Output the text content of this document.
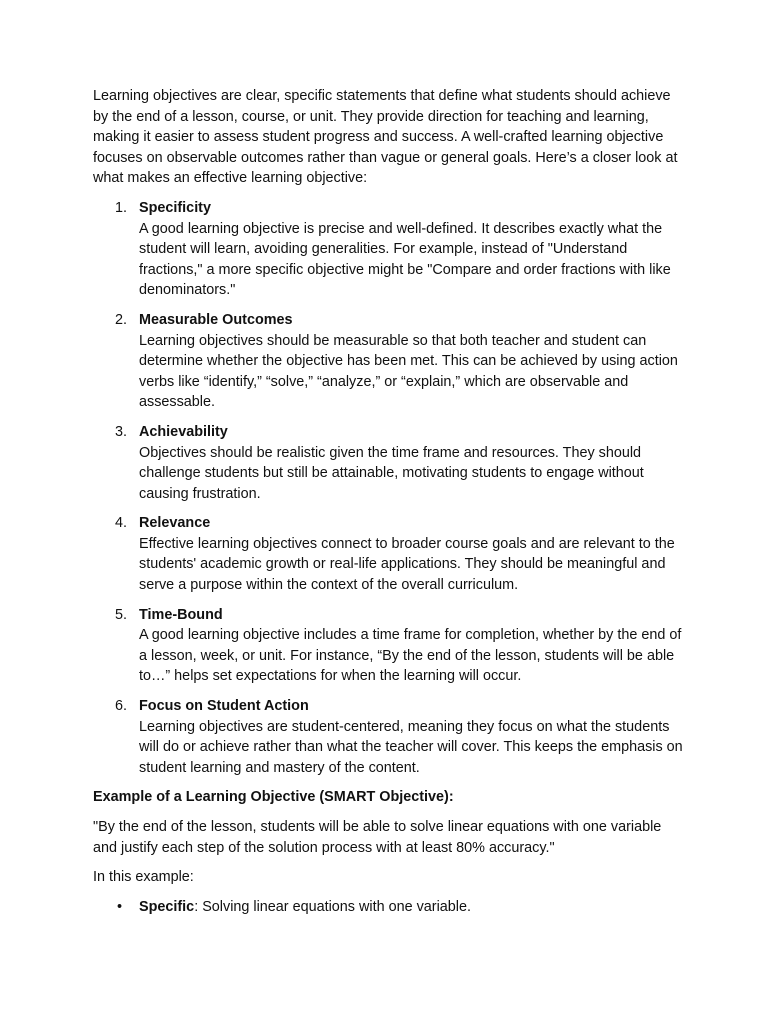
Learning objectives are clear, specific statements that define what students should achieve by the end of a lesson, course, or unit. They provide direction for teaching and learning, making it easier to assess student progress and success. A well-crafted learning objective focuses on observable outcomes rather than vague or general goals. Here’s a closer look at what makes an effective learning objective:

1. Specificity
A good learning objective is precise and well-defined. It describes exactly what the student will learn, avoiding generalities. For example, instead of "Understand fractions," a more specific objective might be "Compare and order fractions with like denominators."
2. Measurable Outcomes
Learning objectives should be measurable so that both teacher and student can determine whether the objective has been met. This can be achieved by using action verbs like “identify,” “solve,” “analyze,” or “explain,” which are observable and assessable.
3. Achievability
Objectives should be realistic given the time frame and resources. They should challenge students but still be attainable, motivating students to engage without causing frustration.
4. Relevance
Effective learning objectives connect to broader course goals and are relevant to the students' academic growth or real-life applications. They should be meaningful and serve a purpose within the context of the overall curriculum.
5. Time-Bound
A good learning objective includes a time frame for completion, whether by the end of a lesson, week, or unit. For instance, “By the end of the lesson, students will be able to…” helps set expectations for when the learning will occur.
6. Focus on Student Action
Learning objectives are student-centered, meaning they focus on what the students will do or achieve rather than what the teacher will cover. This keeps the emphasis on student learning and mastery of the content.

Example of a Learning Objective (SMART Objective):

"By the end of the lesson, students will be able to solve linear equations with one variable and justify each step of the solution process with at least 80% accuracy."

In this example:

• Specific: Solving linear equations with one variable.
